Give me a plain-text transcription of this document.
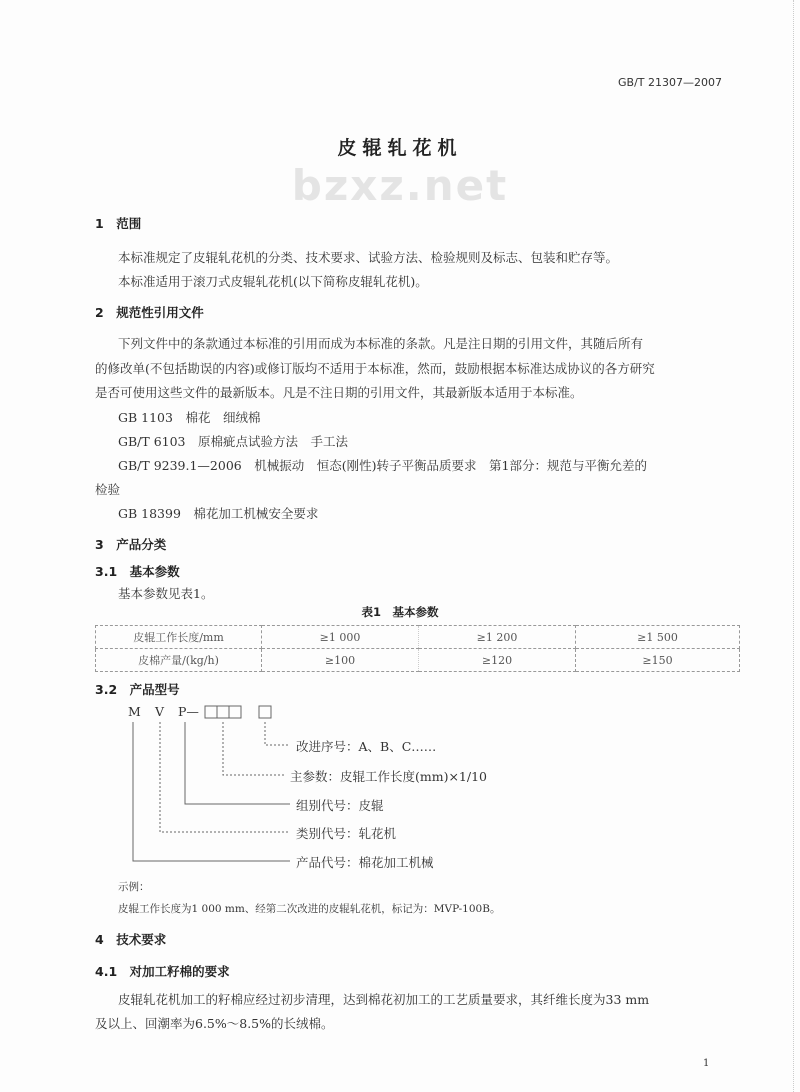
GB/T 21307—2007
皮辊轧花机
bzxz.net
1　范围
本标准规定了皮辊轧花机的分类、技术要求、试验方法、检验规则及标志、包装和贮存等。
本标准适用于滚刀式皮辊轧花机(以下简称皮辊轧花机)。
2　规范性引用文件
下列文件中的条款通过本标准的引用而成为本标准的条款。凡是注日期的引用文件，其随后所有
的修改单(不包括勘误的内容)或修订版均不适用于本标准，然而，鼓励根据本标准达成协议的各方研究
是否可使用这些文件的最新版本。凡是不注日期的引用文件，其最新版本适用于本标准。
GB 1103　棉花　细绒棉
GB/T 6103　原棉疵点试验方法　手工法
GB/T 9239.1—2006　机械振动　恒态(刚性)转子平衡品质要求　第1部分：规范与平衡允差的
检验
GB 18399　棉花加工机械安全要求
3　产品分类
3.1　基本参数
基本参数见表1。
表1　基本参数
皮辊工作长度/mm	≥1 000	≥1 200	≥1 500
皮棉产量/(kg/h)	≥100	≥120	≥150
3.2　产品型号
M V P—
改进序号：A、B、C……
主参数：皮辊工作长度(mm)×1/10
组别代号：皮辊
类别代号：轧花机
产品代号：棉花加工机械
示例：
皮辊工作长度为1 000 mm、经第二次改进的皮辊轧花机，标记为：MVP-100B。
4　技术要求
4.1　对加工籽棉的要求
皮辊轧花机加工的籽棉应经过初步清理，达到棉花初加工的工艺质量要求，其纤维长度为33 mm
及以上、回潮率为6.5%～8.5%的长绒棉。
1
